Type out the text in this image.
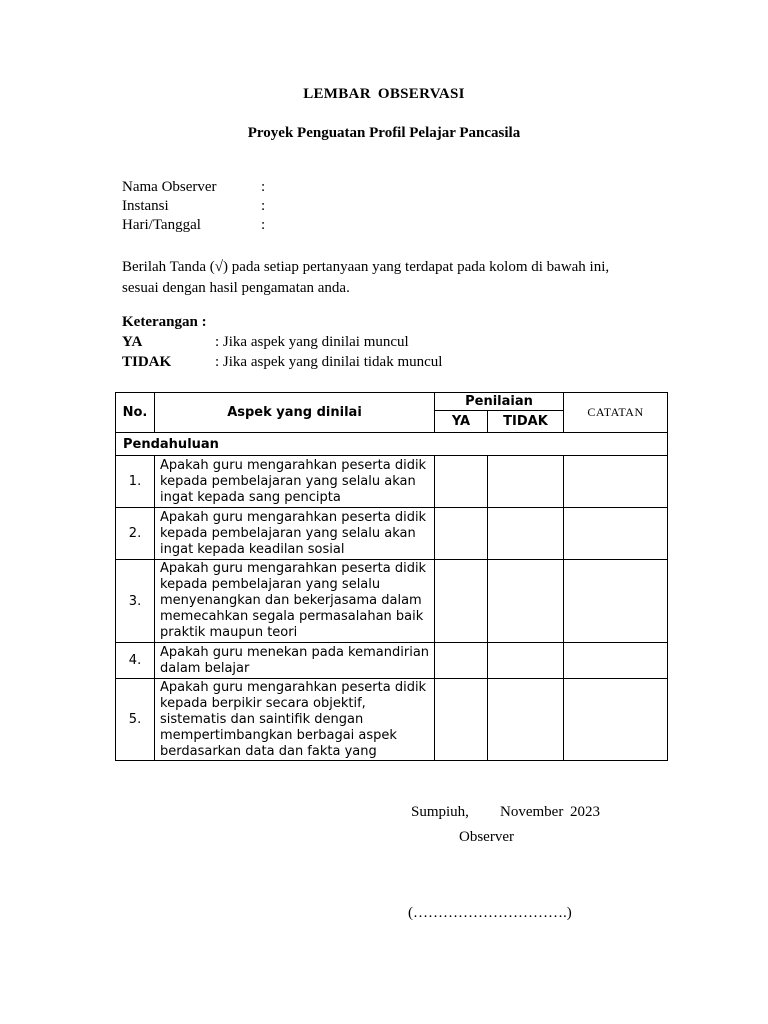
LEMBAR OBSERVASI
Proyek Penguatan Profil Pelajar Pancasila
Nama Observer	:
Instansi	:
Hari/Tanggal	:
Berilah Tanda (√) pada setiap pertanyaan yang terdapat pada kolom di bawah ini, sesuai dengan hasil pengamatan anda.
Keterangan :
YA	: Jika aspek yang dinilai muncul
TIDAK	: Jika aspek yang dinilai tidak muncul
No.	Aspek yang dinilai	Penilaian		CATATAN
		YA	TIDAK	
Pendahuluan				
1.	Apakah guru mengarahkan peserta didik kepada pembelajaran yang selalu akan ingat kepada sang pencipta			
2.	Apakah guru mengarahkan peserta didik kepada pembelajaran yang selalu akan ingat kepada keadilan sosial			
3.	Apakah guru mengarahkan peserta didik kepada pembelajaran yang selalu menyenangkan dan bekerjasama dalam memecahkan segala permasalahan baik praktik maupun teori			
4.	Apakah guru menekan pada kemandirian dalam belajar			
5.	Apakah guru mengarahkan peserta didik kepada berpikir secara objektif, sistematis dan saintifik dengan mempertimbangkan berbagai aspek berdasarkan data dan fakta yang			
Sumpiuh, November 2023
Observer
(………………………….)
